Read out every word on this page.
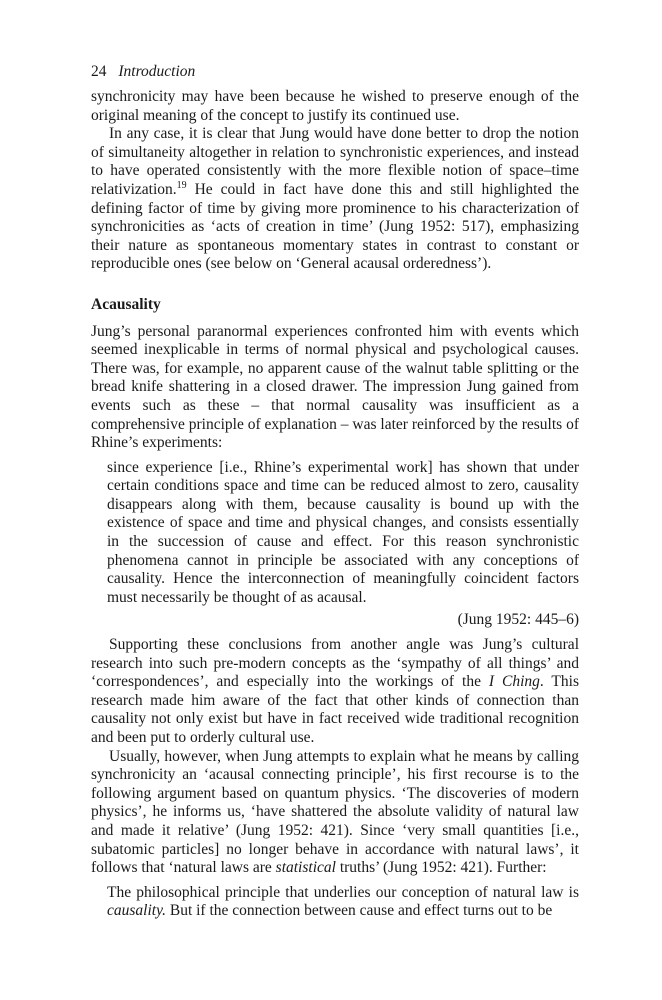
24 Introduction

synchronicity may have been because he wished to preserve enough of the original meaning of the concept to justify its continued use.

In any case, it is clear that Jung would have done better to drop the notion of simultaneity altogether in relation to synchronistic experiences, and instead to have operated consistently with the more flexible notion of space–time relativization.$^{19}$ He could in fact have done this and still highlighted the defining factor of time by giving more prominence to his characterization of synchronicities as ‘acts of creation in time’ (Jung 1952: 517), emphasizing their nature as spontaneous momentary states in contrast to constant or reproducible ones (see below on ‘General acausal orderedness’).

Acausality

Jung’s personal paranormal experiences confronted him with events which seemed inexplicable in terms of normal physical and psychological causes. There was, for example, no apparent cause of the walnut table splitting or the bread knife shattering in a closed drawer. The impression Jung gained from events such as these – that normal causality was insufficient as a comprehensive principle of explanation – was later reinforced by the results of Rhine’s experiments:

since experience [i.e., Rhine’s experimental work] has shown that under certain conditions space and time can be reduced almost to zero, causality disappears along with them, because causality is bound up with the existence of space and time and physical changes, and consists essentially in the succession of cause and effect. For this reason synchronistic phenomena cannot in principle be associated with any conceptions of causality. Hence the interconnection of meaningfully coincident factors must necessarily be thought of as acausal.

(Jung 1952: 445–6)

Supporting these conclusions from another angle was Jung’s cultural research into such pre-modern concepts as the ‘sympathy of all things’ and ‘correspondences’, and especially into the workings of the I Ching. This research made him aware of the fact that other kinds of connection than causality not only exist but have in fact received wide traditional recognition and been put to orderly cultural use.

Usually, however, when Jung attempts to explain what he means by calling synchronicity an ‘acausal connecting principle’, his first recourse is to the following argument based on quantum physics. ‘The discoveries of modern physics’, he informs us, ‘have shattered the absolute validity of natural law and made it relative’ (Jung 1952: 421). Since ‘very small quantities [i.e., subatomic particles] no longer behave in accordance with natural laws’, it follows that ‘natural laws are statistical truths’ (Jung 1952: 421). Further:

The philosophical principle that underlies our conception of natural law is causality. But if the connection between cause and effect turns out to be
